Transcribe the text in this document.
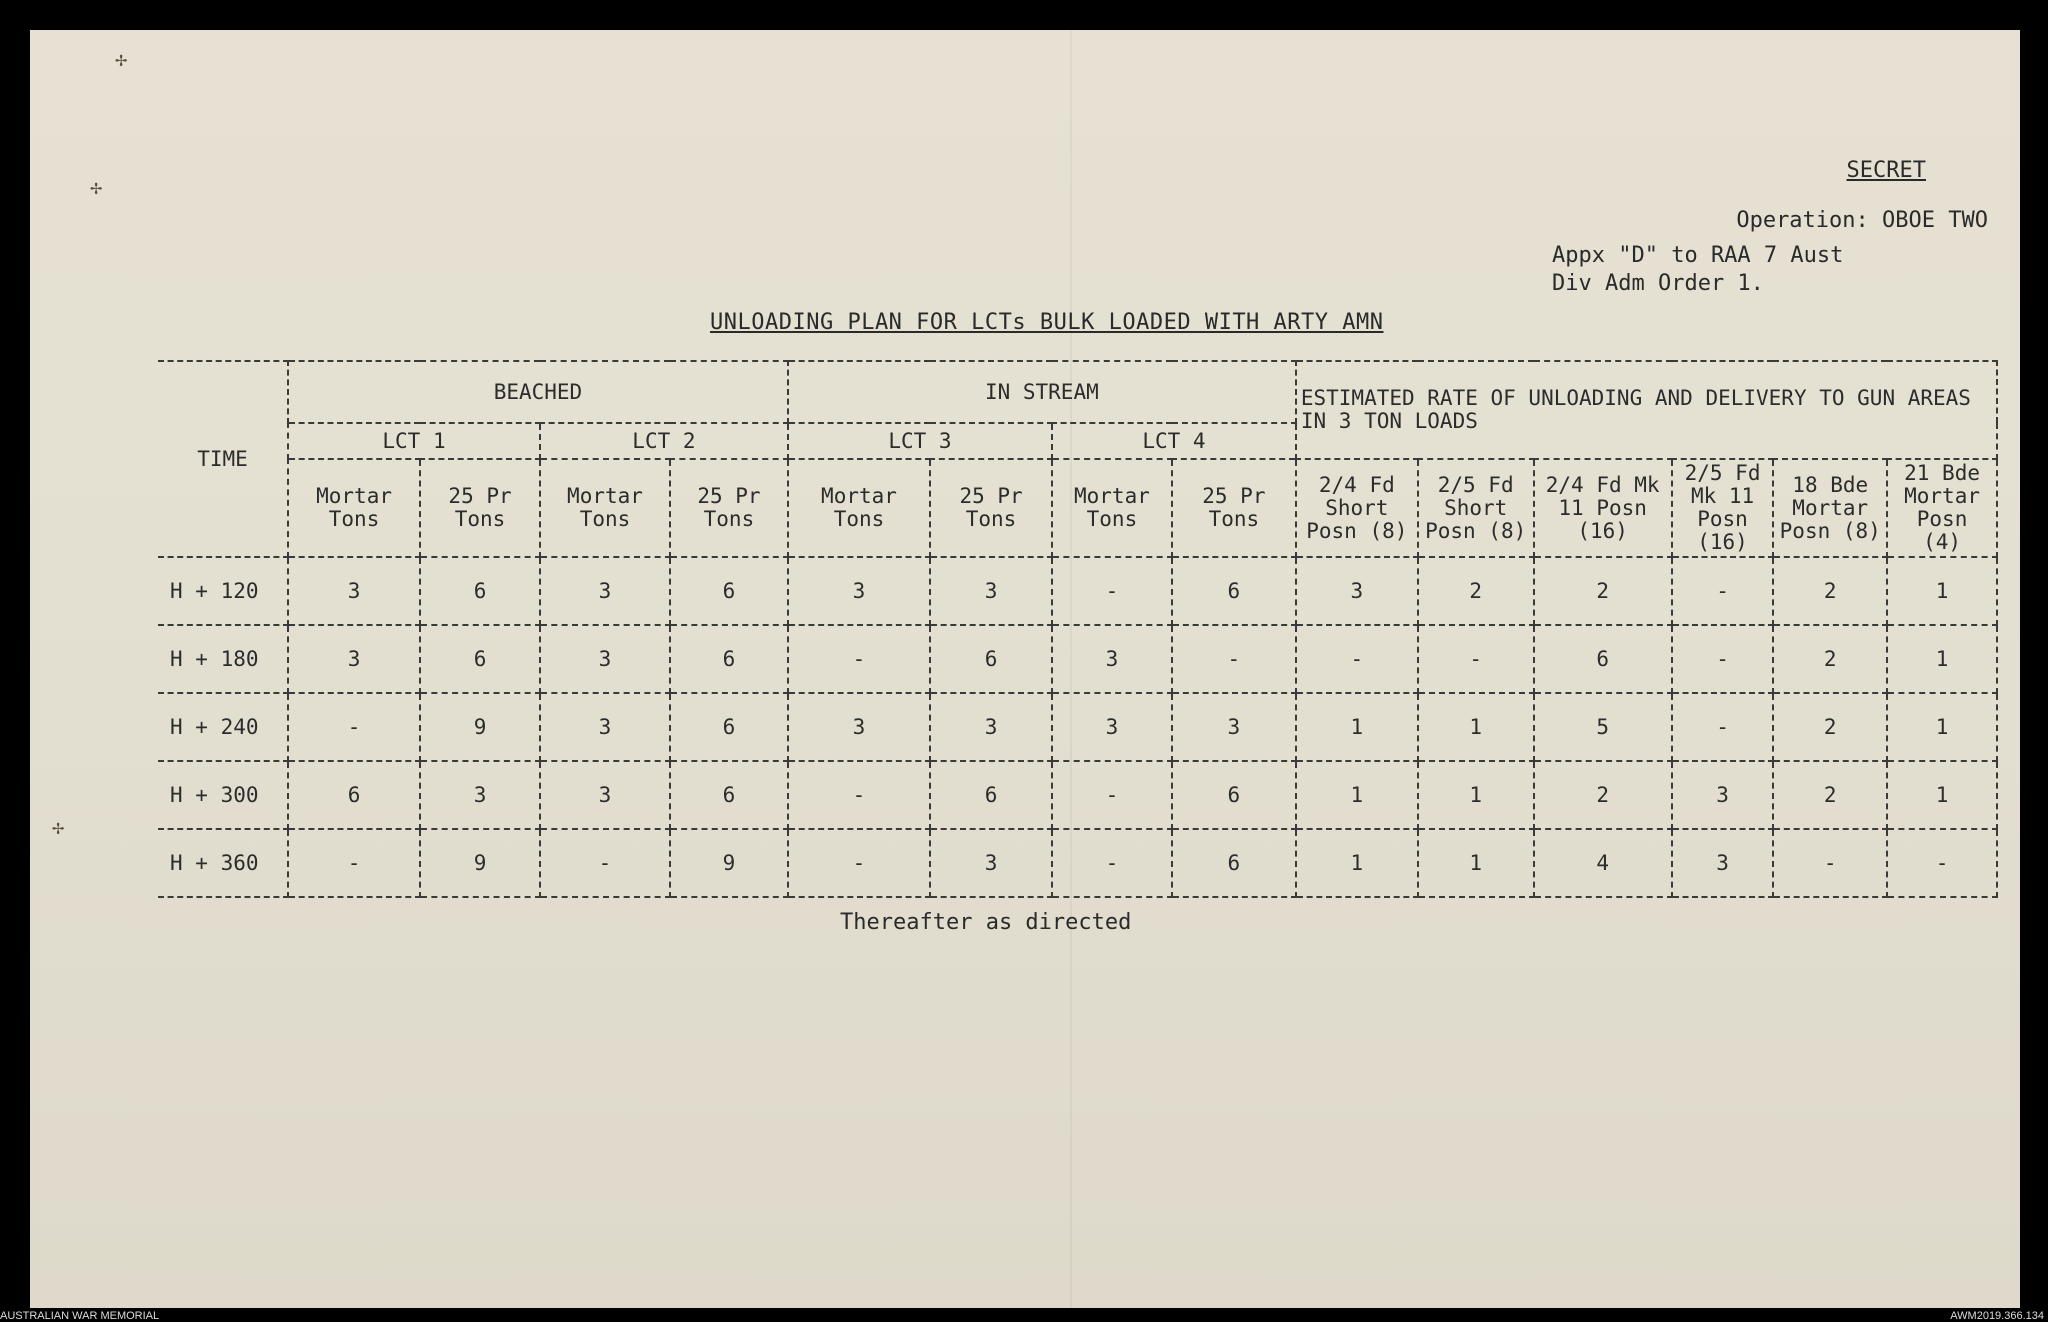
✢
✢
✢
SECRET
Operation: OBOE TWO
Appx "D" to RAA 7 Aust
Div Adm Order 1.
UNLOADING PLAN FOR LCTs BULK LOADED WITH ARTY AMN
TIME	BEACHED				IN STREAM				ESTIMATED RATE OF UNLOADING AND DELIVERY TO GUN AREAS IN 3 TON LOADS					
	LCT 1		LCT 2		LCT 3		LCT 4							
	Mortar Tons	25 Pr Tons	Mortar Tons	25 Pr Tons	Mortar Tons	25 Pr Tons	Mortar Tons	25 Pr Tons	2/4 Fd Short Posn (8)	2/5 Fd Short Posn (8)	2/4 Fd Mk 11 Posn (16)	2/5 Fd Mk 11 Posn (16)	18 Bde Mortar Posn (8)	21 Bde Mortar Posn (4)
H + 120	3	6	3	6	3	3	-	6	3	2	2	-	2	1
H + 180	3	6	3	6	-	6	3	-	-	-	6	-	2	1
H + 240	-	9	3	6	3	3	3	3	1	1	5	-	2	1
H + 300	6	3	3	6	-	6	-	6	1	1	2	3	2	1
H + 360	-	9	-	9	-	3	-	6	1	1	4	3	-	-
Thereafter as directed
AUSTRALIAN WAR MEMORIAL	AWM2019.366.134
